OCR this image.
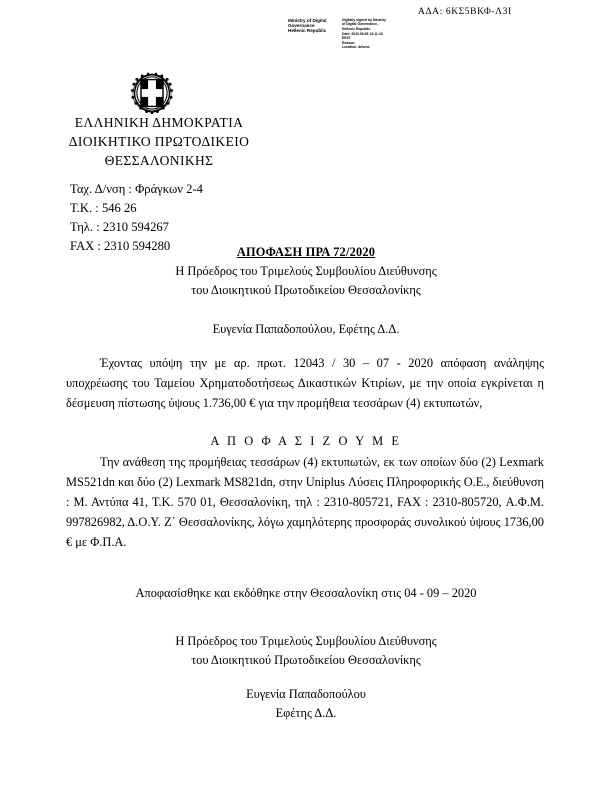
ΑΔΑ: 6ΚΣ5ΒΚΦ-Λ3Ι
Ministry of Digital
Governance
Hellenic Republic
Digitally signed by Ministry
of Digital Governance,
Hellenic Republic
Date: 2020.09.08 13:11:33
EEST
Reason:
Location: Athens
ΕΛΛΗΝΙΚΗ ΔΗΜΟΚΡΑΤΙΑ
ΔΙΟΙΚΗΤΙΚΟ ΠΡΩΤΟΔΙΚΕΙΟ
ΘΕΣΣΑΛΟΝΙΚΗΣ
Ταχ. Δ/νση : Φράγκων 2-4
Τ.Κ. : 546 26
Τηλ. : 2310 594267
FAX : 2310 594280	ΑΠΟΦΑΣΗ ΠΡΑ 72/2020
Η Πρόεδρος του Τριμελούς Συμβουλίου Διεύθυνσης
του Διοικητικού Πρωτοδικείου Θεσσαλονίκης
Ευγενία Παπαδοπούλου, Εφέτης Δ.Δ.
Έχοντας υπόψη την με αρ. πρωτ. 12043 / 30 – 07 - 2020 απόφαση ανάληψης υποχρέωσης του Ταμείου Χρηματοδοτήσεως Δικαστικών Κτιρίων, με την οποία εγκρίνεται η δέσμευση πίστωσης ύψους 1.736,00 € για την προμήθεια τεσσάρων (4) εκτυπωτών,
Α Π Ο Φ Α Σ Ι Ζ Ο Υ Μ Ε
Την ανάθεση της προμήθειας τεσσάρων (4) εκτυπωτών, εκ των οποίων δύο (2) Lexmark MS521dn και δύο (2) Lexmark MS821dn, στην Uniplus Λύσεις Πληροφορικής Ο.Ε., διεύθυνση : Μ. Αντύπα 41, Τ.Κ. 570 01, Θεσσαλονίκη, τηλ : 2310-805721, FAX : 2310-805720, Α.Φ.Μ. 997826982, Δ.Ο.Υ. Ζ΄ Θεσσαλονίκης, λόγω χαμηλότερης προσφοράς συνολικού ύψους 1736,00 € με Φ.Π.Α.
Αποφασίσθηκε και εκδόθηκε στην Θεσσαλονίκη στις 04 - 09 – 2020
Η Πρόεδρος του Τριμελούς Συμβουλίου Διεύθυνσης
του Διοικητικού Πρωτοδικείου Θεσσαλονίκης
Ευγενία Παπαδοπούλου
Εφέτης Δ.Δ.
